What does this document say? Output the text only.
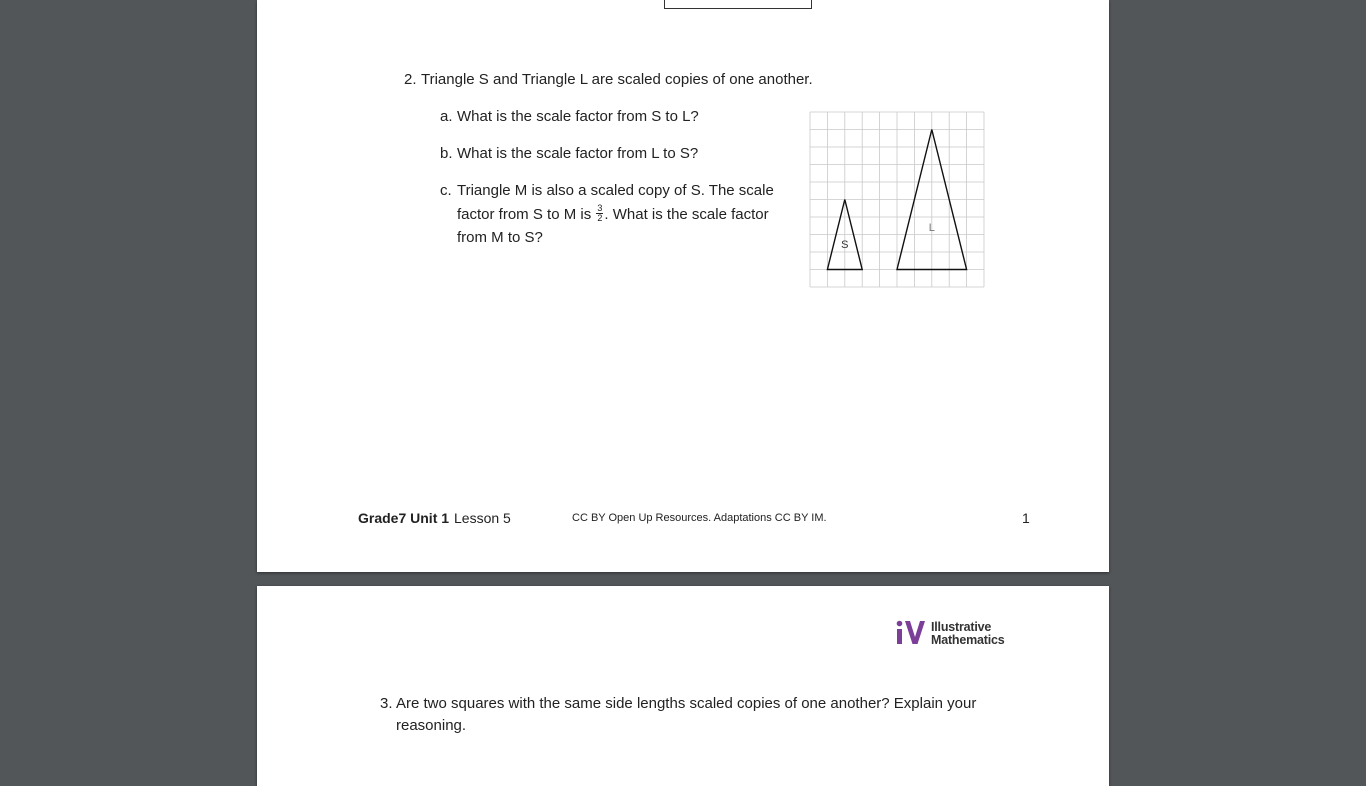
2. Triangle S and Triangle L are scaled copies of one another.
a. What is the scale factor from S to L?
b. What is the scale factor from L to S?
c. Triangle M is also a scaled copy of S. The scale factor from S to M is $\frac{3}{2}$ . What is the scale factor from M to S?	S
L
Grade7 Unit 1 Lesson 5	CC BY Open Up Resources. Adaptations CC BY IM.	1
Illustrative
Mathematics
3. Are two squares with the same side lengths scaled copies of one another? Explain your reasoning.
